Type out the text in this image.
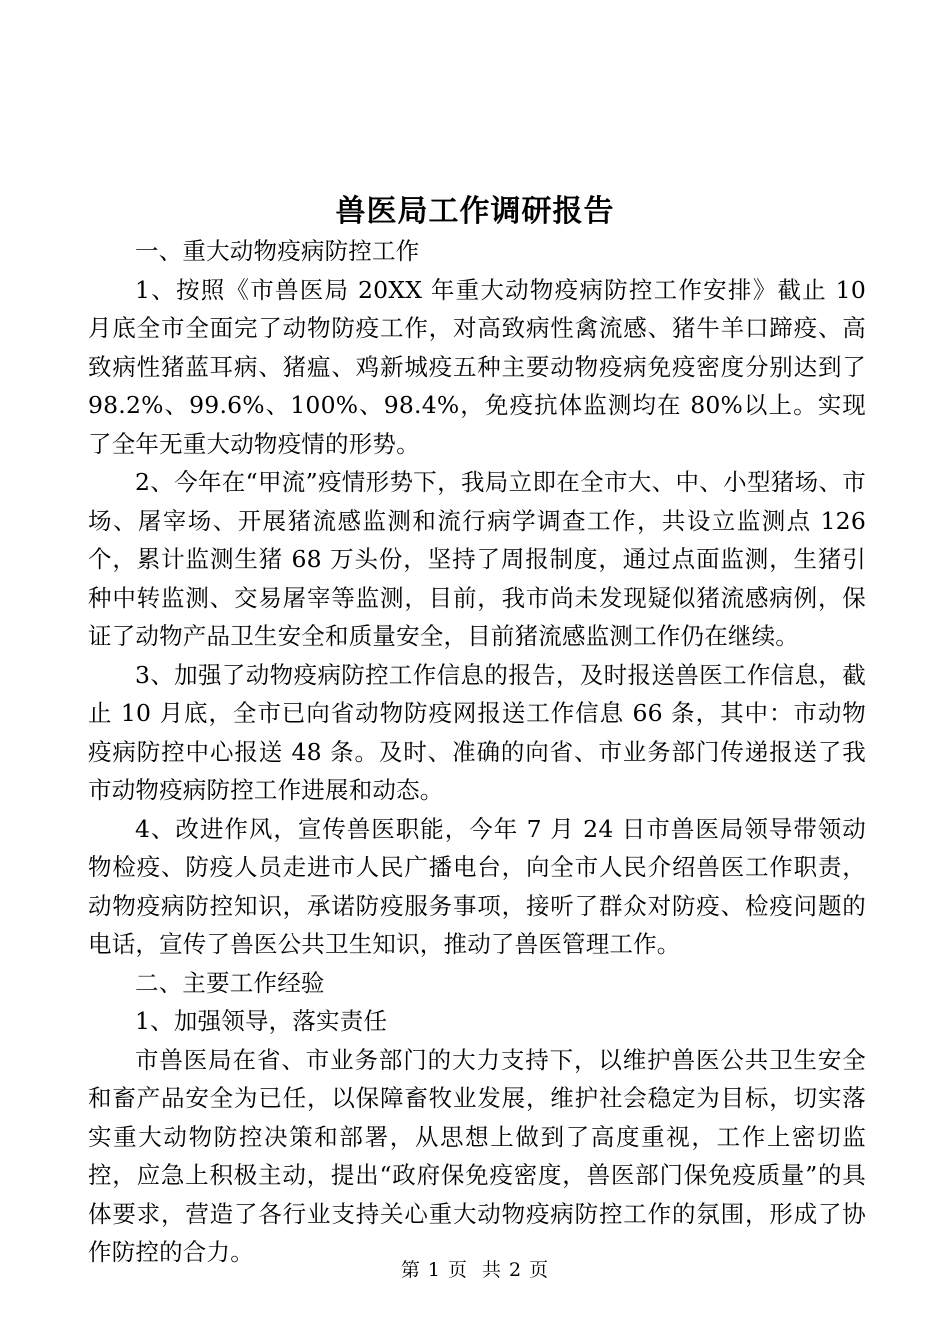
兽医局工作调研报告

一、重大动物疫病防控工作

1、按照《市兽医局 20XX 年重大动物疫病防控工作安排》截止 10 月底全市全面完了动物防疫工作，对高致病性禽流感、猪牛羊口蹄疫、高致病性猪蓝耳病、猪瘟、鸡新城疫五种主要动物疫病免疫密度分别达到了 98.2%、99.6%、100%、98.4%，免疫抗体监测均在 80%以上。实现了全年无重大动物疫情的形势。

2、今年在“甲流”疫情形势下，我局立即在全市大、中、小型猪场、市场、屠宰场、开展猪流感监测和流行病学调查工作，共设立监测点 126 个，累计监测生猪 68 万头份，坚持了周报制度，通过点面监测，生猪引种中转监测、交易屠宰等监测，目前，我市尚未发现疑似猪流感病例，保证了动物产品卫生安全和质量安全，目前猪流感监测工作仍在继续。

3、加强了动物疫病防控工作信息的报告，及时报送兽医工作信息，截止 10 月底，全市已向省动物防疫网报送工作信息 66 条，其中：市动物疫病防控中心报送 48 条。及时、准确的向省、市业务部门传递报送了我市动物疫病防控工作进展和动态。

4、改进作风，宣传兽医职能，今年 7 月 24 日市兽医局领导带领动物检疫、防疫人员走进市人民广播电台，向全市人民介绍兽医工作职责，动物疫病防控知识，承诺防疫服务事项，接听了群众对防疫、检疫问题的电话，宣传了兽医公共卫生知识，推动了兽医管理工作。

二、主要工作经验

1、加强领导，落实责任

市兽医局在省、市业务部门的大力支持下，以维护兽医公共卫生安全和畜产品安全为已任，以保障畜牧业发展，维护社会稳定为目标，切实落实重大动物防控决策和部署，从思想上做到了高度重视，工作上密切监控，应急上积极主动，提出“政府保免疫密度，兽医部门保免疫质量”的具体要求，营造了各行业支持关心重大动物疫病防控工作的氛围，形成了协作防控的合力。

第 1 页 共 2 页
